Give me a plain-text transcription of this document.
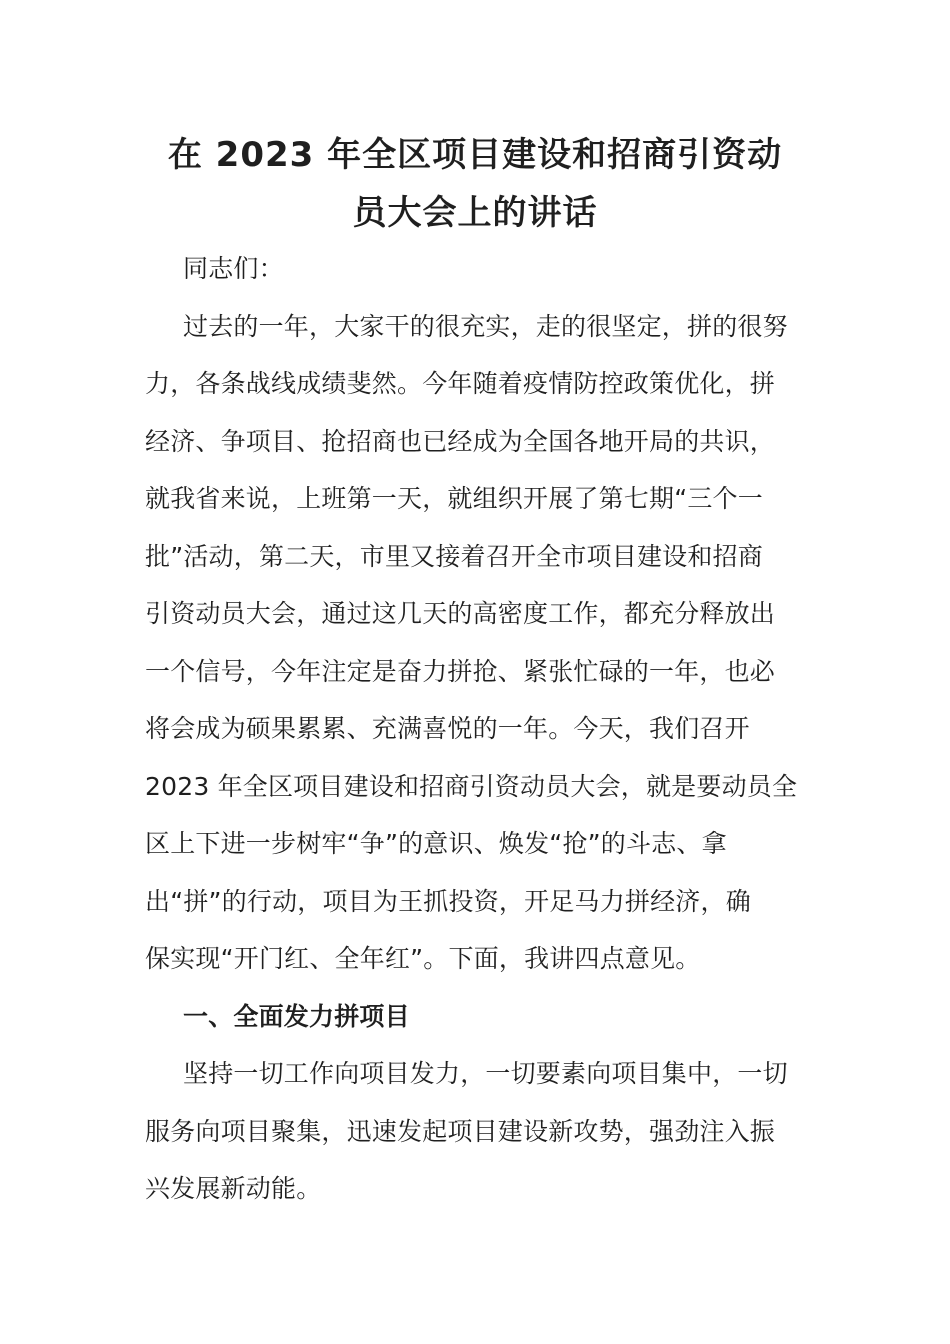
在 2023 年全区项目建设和招商引资动
员大会上的讲话

同志们：

过去的一年，大家干的很充实，走的很坚定，拼的很努
力，各条战线成绩斐然。今年随着疫情防控政策优化，拼
经济、争项目、抢招商也已经成为全国各地开局的共识，
就我省来说，上班第一天，就组织开展了第七期“三个一
批”活动，第二天，市里又接着召开全市项目建设和招商
引资动员大会，通过这几天的高密度工作，都充分释放出
一个信号，今年注定是奋力拼抢、紧张忙碌的一年，也必
将会成为硕果累累、充满喜悦的一年。今天，我们召开
2023 年全区项目建设和招商引资动员大会，就是要动员全
区上下进一步树牢“争”的意识、焕发“抢”的斗志、拿
出“拼”的行动，项目为王抓投资，开足马力拼经济，确
保实现“开门红、全年红”。下面，我讲四点意见。

一、全面发力拼项目

坚持一切工作向项目发力，一切要素向项目集中，一切
服务向项目聚集，迅速发起项目建设新攻势，强劲注入振
兴发展新动能。
